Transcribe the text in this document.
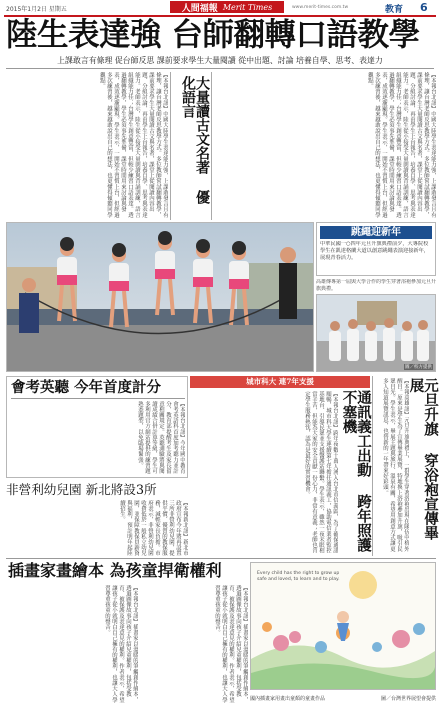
2015年1月2日 星期五	人間福報 Merit Times	www.merit-times.com.tw	教育 6
陸生表達強 台師翻轉口語教學
上課敢言有條理 促台師反思 課前要求學生大量閱讀 從中出題、討論 培養自學、思考、表達力
【本報台北訊】中國大陸學生表達能力強，上課敢發言且有條理，讓台灣老師反思教學方式。多位教師嘗試翻轉教學，課前要求學生大量閱讀古文與名著，課堂上從閱讀內容出題、分組討論，再由學生上台報告，培養自學、思考與表達能力。老師表示，陸生從小接受大量朗讀與背誦訓練，語言組織能力佳；台灣學生創意豐富，但較少練習口語表達。透過翻轉教學，學生必須事先準備，課堂時間用來討論與發表，成效逐漸顯現。學生表示，一開始不習慣上台，但經過多次練習後，越來越敢說出自己的想法，也更懂得傾聽同學觀點。
【本報台北訊】中國大陸學生表達能力強，上課敢發言且有條理，讓台灣老師反思教學方式。多位教師嘗試翻轉教學，課前要求學生大量閱讀古文與名著，課堂上從閱讀內容出題、分組討論，再由學生上台報告，培養自學、思考與表達能力。老師表示，陸生從小接受大量朗讀與背誦訓練，語言組織能力佳；台灣學生創意豐富，但較少練習口語表達。透過翻轉教學，學生必須事先準備，課堂時間用來討論與發表，成效逐漸顯現。學生表示，一開始不習慣上台，但經過多次練習後，越來越敢說出自己的想法，也更懂得傾聽同學觀點。	大量讀古文名著 優化語言
跳繩迎新年
中華民國一○四年元旦升旗典禮前夕，大專院校學生在凱達格蘭大道以創意跳繩表演迎接新年，展現青春活力。
高雄傳專第一屆與大學合作的學生穿著浴袍參加元旦升旗典禮。
圖／校方提供
會考英聽 今年首度計分
【本報台北訊】今年國中教育會考英語科首度加考聽力並計分，教育部提醒考生及家長留意相關規定。英聽測驗將與閱讀成績合併計算等級，學生可多利用官方網站提供的練習題熟悉題型，以免臨場緊張。
非營利幼兒園 新北將設3所
【本報新北訊】新北市政府宣布今年將再設置三所非營利幼兒園，提供平價、優質的教保服務，減輕家長負擔。市府表示，非營利幼兒園收費低於一般私立幼兒園，並保障教保員薪資與福利，預計明年起陸續招生。
城市科大 連7年支援
【本報台北訊】跨年夜數十萬人湧入台北市信義區，為了確保通訊順暢，城市科大學生連續第七年擔任通訊義工，協助電信業者監控基地台、引導民眾並支援醫護站聯繫。學生表示，雖然一夜未眠相當辛苦，但能為大家的安全貢獻一份心力，非常有意義；老師也肯定學生服務熱忱，認為是最好的實習機會。	通訊義工出動 跨年照護不塞機	【本報高雄訊】元旦升旗典禮上，一群學生穿著浴袍出現在隊伍中格外醒目。原來是學生為了宣傳畢業展覽，特地換上浴袍參加升旗，吸引民眾目光。學生表示，畢展主題與旅行、溫泉有關，希望用創意方式讓更多人知道展覽訊息，也替新的一年帶來好彩頭。	元旦升旗 穿浴袍宣傳畢展
插畫家畫繪本 為孩童捍衛權利
【本報台北訊】插畫家以溫暖的筆觸創作繪本，透過圖像故事向孩子介紹兒童權利，包括受教育、被保護及表達意見的權利。作者表示，希望讓孩子從小就明白自己擁有的權利，也讓大人學習尊重孩童的聲音。	【本報台北訊】插畫家以溫暖的筆觸創作繪本，透過圖像故事向孩子介紹兒童權利，包括受教育、被保護及表達意見的權利。作者表示，希望讓孩子從小就明白自己擁有的權利，也讓大人學習尊重孩童的聲音。
Every child has the right to grow up safe and loved, to learn and to play.
國內插畫家用畫出童顏的童畫作品	圖／台灣世界展望會提供
